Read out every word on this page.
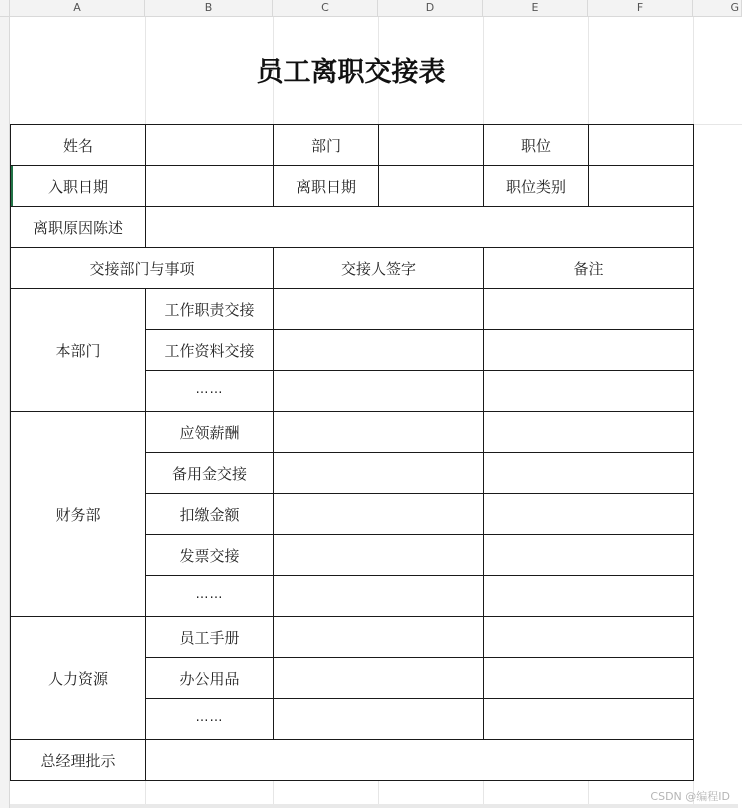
A	B	C	D	E	F	G
员工离职交接表
姓名		部门		职位	
入职日期		离职日期		职位类别	
离职原因陈述					
交接部门与事项		交接人签字		备注	
本部门	工作职责交接				
	工作资料交接				
	……				
财务部	应领薪酬				
	备用金交接				
	扣缴金额				
	发票交接				
	……				
人力资源	员工手册				
	办公用品				
	……				
总经理批示					
CSDN @编程ID
